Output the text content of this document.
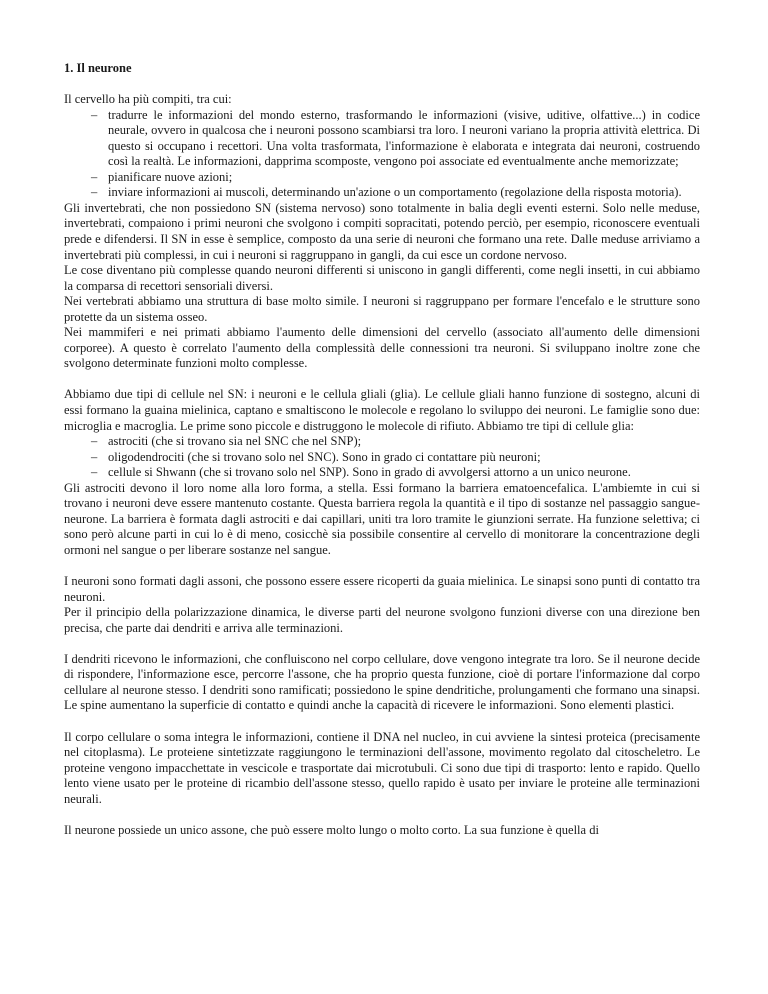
1. Il neurone

Il cervello ha più compiti, tra cui:

– tradurre le informazioni del mondo esterno, trasformando le informazioni (visive, uditive, olfattive...) in codice neurale, ovvero in qualcosa che i neuroni possono scambiarsi tra loro. I neuroni variano la propria attività elettrica. Di questo si occupano i recettori. Una volta trasformata, l'informazione è elaborata e integrata dai neuroni, costruendo così la realtà. Le informazioni, dapprima scomposte, vengono poi associate ed eventualmente anche memorizzate;
– pianificare nuove azioni;
– inviare informazioni ai muscoli, determinando un'azione o un comportamento (regolazione della risposta motoria).

Gli invertebrati, che non possiedono SN (sistema nervoso) sono totalmente in balia degli eventi esterni. Solo nelle meduse, invertebrati, compaiono i primi neuroni che svolgono i compiti sopracitati, potendo perciò, per esempio, riconoscere eventuali prede e difendersi. Il SN in esse è semplice, composto da una serie di neuroni che formano una rete. Dalle meduse arriviamo a invertebrati più complessi, in cui i neuroni si raggruppano in gangli, da cui esce un cordone nervoso.

Le cose diventano più complesse quando neuroni differenti si uniscono in gangli differenti, come negli insetti, in cui abbiamo la comparsa di recettori sensoriali diversi.

Nei vertebrati abbiamo una struttura di base molto simile. I neuroni si raggruppano per formare l'encefalo e le strutture sono protette da un sistema osseo.

Nei mammiferi e nei primati abbiamo l'aumento delle dimensioni del cervello (associato all'aumento delle dimensioni corporee). A questo è correlato l'aumento della complessità delle connessioni tra neuroni. Si sviluppano inoltre zone che svolgono determinate funzioni molto complesse.

Abbiamo due tipi di cellule nel SN: i neuroni e le cellula gliali (glia). Le cellule gliali hanno funzione di sostegno, alcuni di essi formano la guaina mielinica, captano e smaltiscono le molecole e regolano lo sviluppo dei neuroni. Le famiglie sono due: microglia e macroglia. Le prime sono piccole e distruggono le molecole di rifiuto. Abbiamo tre tipi di cellule glia:

– astrociti (che si trovano sia nel SNC che nel SNP);
– oligodendrociti (che si trovano solo nel SNC). Sono in grado ci contattare più neuroni;
– cellule si Shwann (che si trovano solo nel SNP). Sono in grado di avvolgersi attorno a un unico neurone.

Gli astrociti devono il loro nome alla loro forma, a stella. Essi formano la barriera ematoencefalica. L'ambiemte in cui si trovano i neuroni deve essere mantenuto costante. Questa barriera regola la quantità e il tipo di sostanze nel passaggio sangue-neurone. La barriera è formata dagli astrociti e dai capillari, uniti tra loro tramite le giunzioni serrate. Ha funzione selettiva; ci sono però alcune parti in cui lo è di meno, cosicchè sia possibile consentire al cervello di monitorare la concentrazione degli ormoni nel sangue o per liberare sostanze nel sangue.

I neuroni sono formati dagli assoni, che possono essere essere ricoperti da guaia mielinica. Le sinapsi sono punti di contatto tra neuroni.

Per il principio della polarizzazione dinamica, le diverse parti del neurone svolgono funzioni diverse con una direzione ben precisa, che parte dai dendriti e arriva alle terminazioni.

I dendriti ricevono le informazioni, che confluiscono nel corpo cellulare, dove vengono integrate tra loro. Se il neurone decide di rispondere, l'informazione esce, percorre l'assone, che ha proprio questa funzione, cioè di portare l'informazione dal corpo cellulare al neurone stesso. I dendriti sono ramificati; possiedono le spine dendritiche, prolungamenti che formano una sinapsi. Le spine aumentano la superficie di contatto e quindi anche la capacità di ricevere le informazioni. Sono elementi plastici.

Il corpo cellulare o soma integra le informazioni, contiene il DNA nel nucleo, in cui avviene la sintesi proteica (precisamente nel citoplasma). Le proteiene sintetizzate raggiungono le terminazioni dell'assone, movimento regolato dal citoscheletro. Le proteine vengono impacchettate in vescicole e trasportate dai microtubuli. Ci sono due tipi di trasporto: lento e rapido. Quello lento viene usato per le proteine di ricambio dell'assone stesso, quello rapido è usato per inviare le proteine alle terminazioni neurali.

Il neurone possiede un unico assone, che può essere molto lungo o molto corto. La sua funzione è quella di
